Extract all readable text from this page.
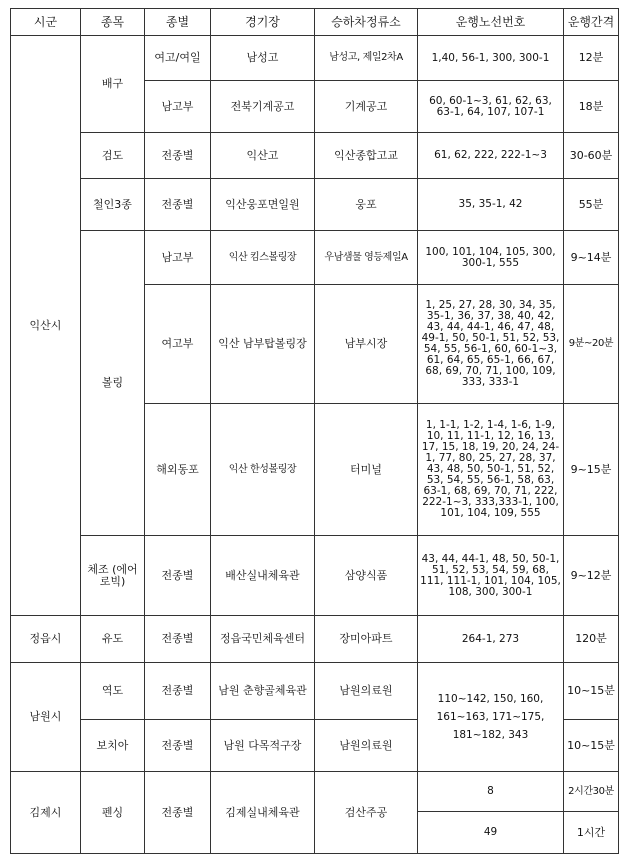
시군	종목	종별	경기장	승하차정류소	운행노선번호	운행간격
익산시	배구	여고/여일	남성고	남성고, 제일2차A	1,40, 56-1, 300, 300-1	12분
		남고부	전북기계공고	기계공고	60, 60-1~3, 61, 62, 63, 63-1, 64, 107, 107-1	18분
	검도	전종별	익산고	익산종합고교	61, 62, 222, 222-1~3	30-60분
	철인3종	전종별	익산웅포면일원	웅포	35, 35-1, 42	55분
	볼링	남고부	익산 킴스볼링장	우남샘물 영등제일A	100, 101, 104, 105, 300, 300-1, 555	9~14분
		여고부	익산 남부탑볼링장	남부시장	1, 25, 27, 28, 30, 34, 35, 35-1, 36, 37, 38, 40, 42, 43, 44, 44-1, 46, 47, 48, 49-1, 50, 50-1, 51, 52, 53, 54, 55, 56-1, 60, 60-1~3, 61, 64, 65, 65-1, 66, 67, 68, 69, 70, 71, 100, 109, 333, 333-1	9분~20분
		해외동포	익산 한성볼링장	터미널	1, 1-1, 1-2, 1-4, 1-6, 1-9, 10, 11, 11-1, 12, 16, 13, 17, 15, 18, 19, 20, 24, 24-1, 77, 80, 25, 27, 28, 37, 43, 48, 50, 50-1, 51, 52, 53, 54, 55, 56-1, 58, 63, 63-1, 68, 69, 70, 71, 222, 222-1~3, 333,333-1, 100, 101, 104, 109, 555	9~15분
	체조 (에어로빅)	전종별	배산실내체육관	삼양식품	43, 44, 44-1, 48, 50, 50-1, 51, 52, 53, 54, 59, 68, 111, 111-1, 101, 104, 105, 108, 300, 300-1	9~12분
정읍시	유도	전종별	정읍국민체육센터	장미아파트	264-1, 273	120분
남원시	역도	전종별	남원 춘향골체육관	남원의료원	110~142, 150, 160, 161~163, 171~175, 181~182, 343	10~15분
	보치아	전종별	남원 다목적구장	남원의료원		10~15분
김제시	펜싱	전종별	김제실내체육관	검산주공	8	2시간30분
					49	1시간
